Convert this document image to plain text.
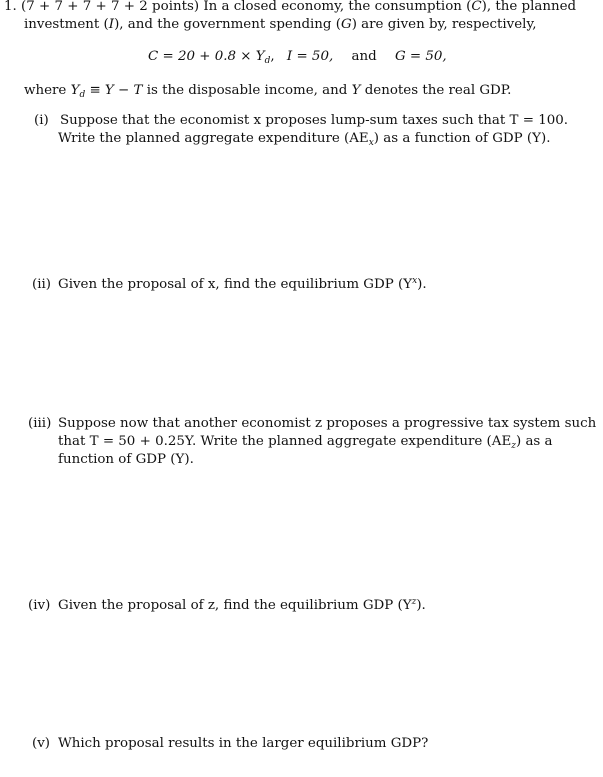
1. (7 + 7 + 7 + 7 + 2 points) In a closed economy, the consumption (C), the planned
investment (I), and the government spending (G) are given by, respectively,
$C = 20 + 0.8 \times Y_d$, I = 50, and G = 50,
where $Y_d \equiv Y - T$ is the disposable income, and Y denotes the real GDP.
(i) Suppose that the economist x proposes lump-sum taxes such that T = 100.
Write the planned aggregate expenditure $(AE_x)$ as a function of GDP (Y).
(ii) Given the proposal of x, find the equilibrium GDP $(Y^x)$.
(iii) Suppose now that another economist z proposes a progressive tax system such
that T = 50 + 0.25Y. Write the planned aggregate expenditure $(AE_z)$ as a
function of GDP (Y).
(iv) Given the proposal of z, find the equilibrium GDP $(Y^z)$.
(v) Which proposal results in the larger equilibrium GDP?
